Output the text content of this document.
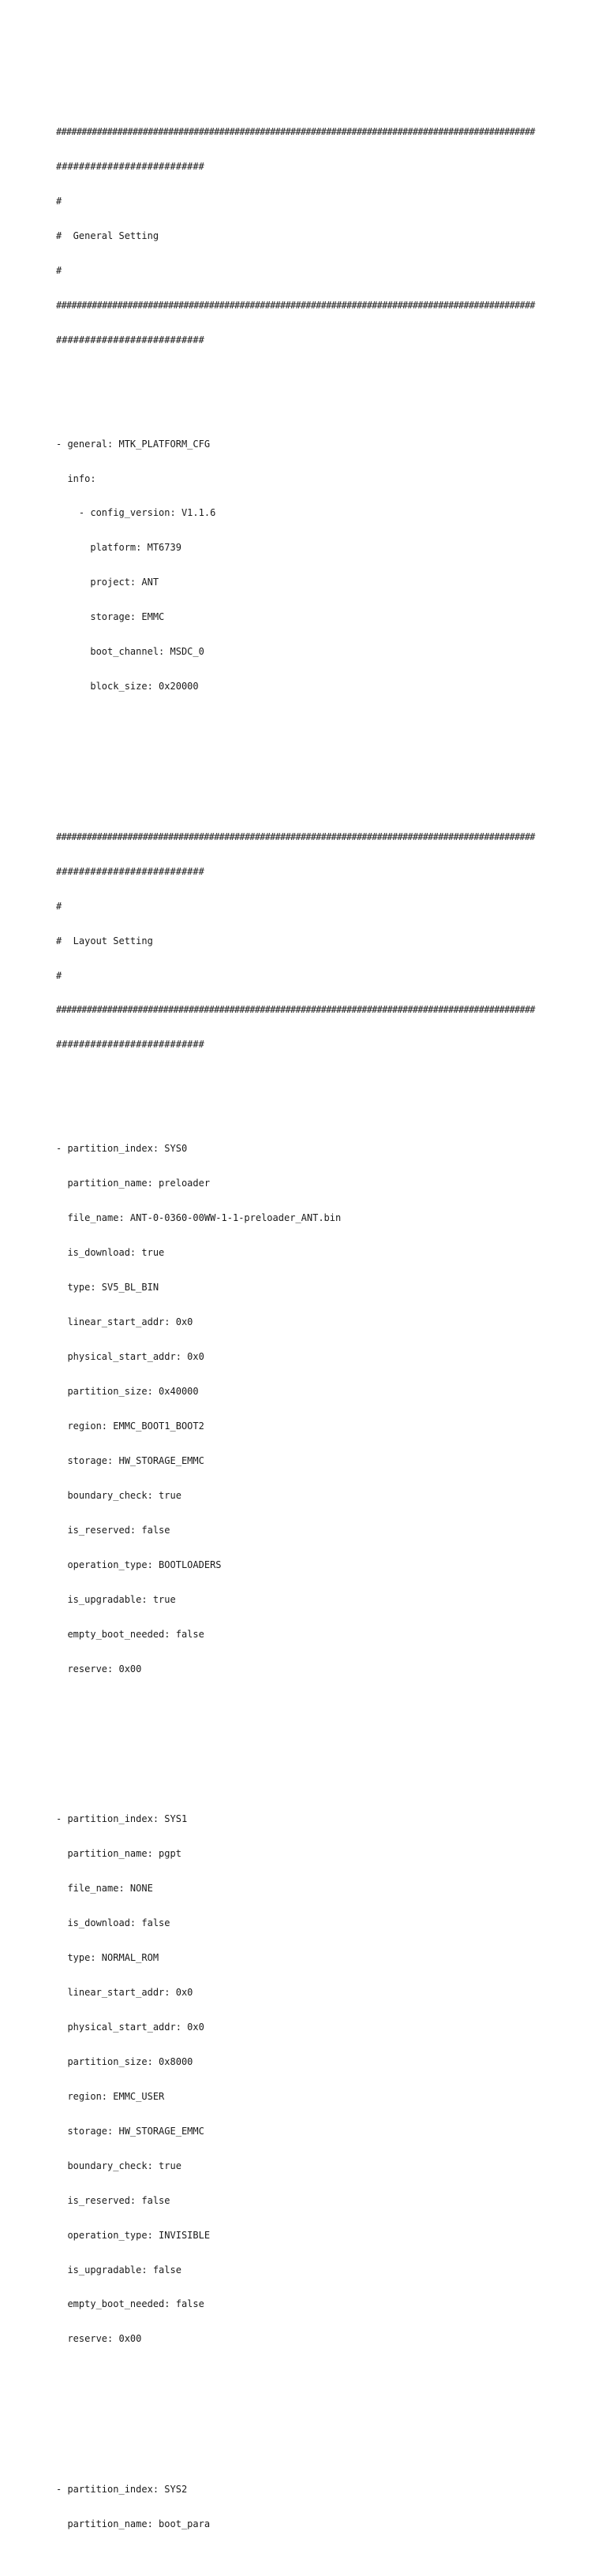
##############################################################################################

##########################

#

#  General Setting

#

##############################################################################################

##########################

- general: MTK_PLATFORM_CFG

info:

- config_version: V1.1.6

platform: MT6739

project: ANT

storage: EMMC

boot_channel: MSDC_0

block_size: 0x20000

##############################################################################################

##########################

#

#  Layout Setting

#

##############################################################################################

##########################

- partition_index: SYS0

partition_name: preloader

file_name: ANT-0-0360-00WW-1-1-preloader_ANT.bin

is_download: true

type: SV5_BL_BIN

linear_start_addr: 0x0

physical_start_addr: 0x0

partition_size: 0x40000

region: EMMC_BOOT1_BOOT2

storage: HW_STORAGE_EMMC

boundary_check: true

is_reserved: false

operation_type: BOOTLOADERS

is_upgradable: true

empty_boot_needed: false

reserve: 0x00

- partition_index: SYS1

partition_name: pgpt

file_name: NONE

is_download: false

type: NORMAL_ROM

linear_start_addr: 0x0

physical_start_addr: 0x0

partition_size: 0x8000

region: EMMC_USER

storage: HW_STORAGE_EMMC

boundary_check: true

is_reserved: false

operation_type: INVISIBLE

is_upgradable: false

empty_boot_needed: false

reserve: 0x00

- partition_index: SYS2

partition_name: boot_para
